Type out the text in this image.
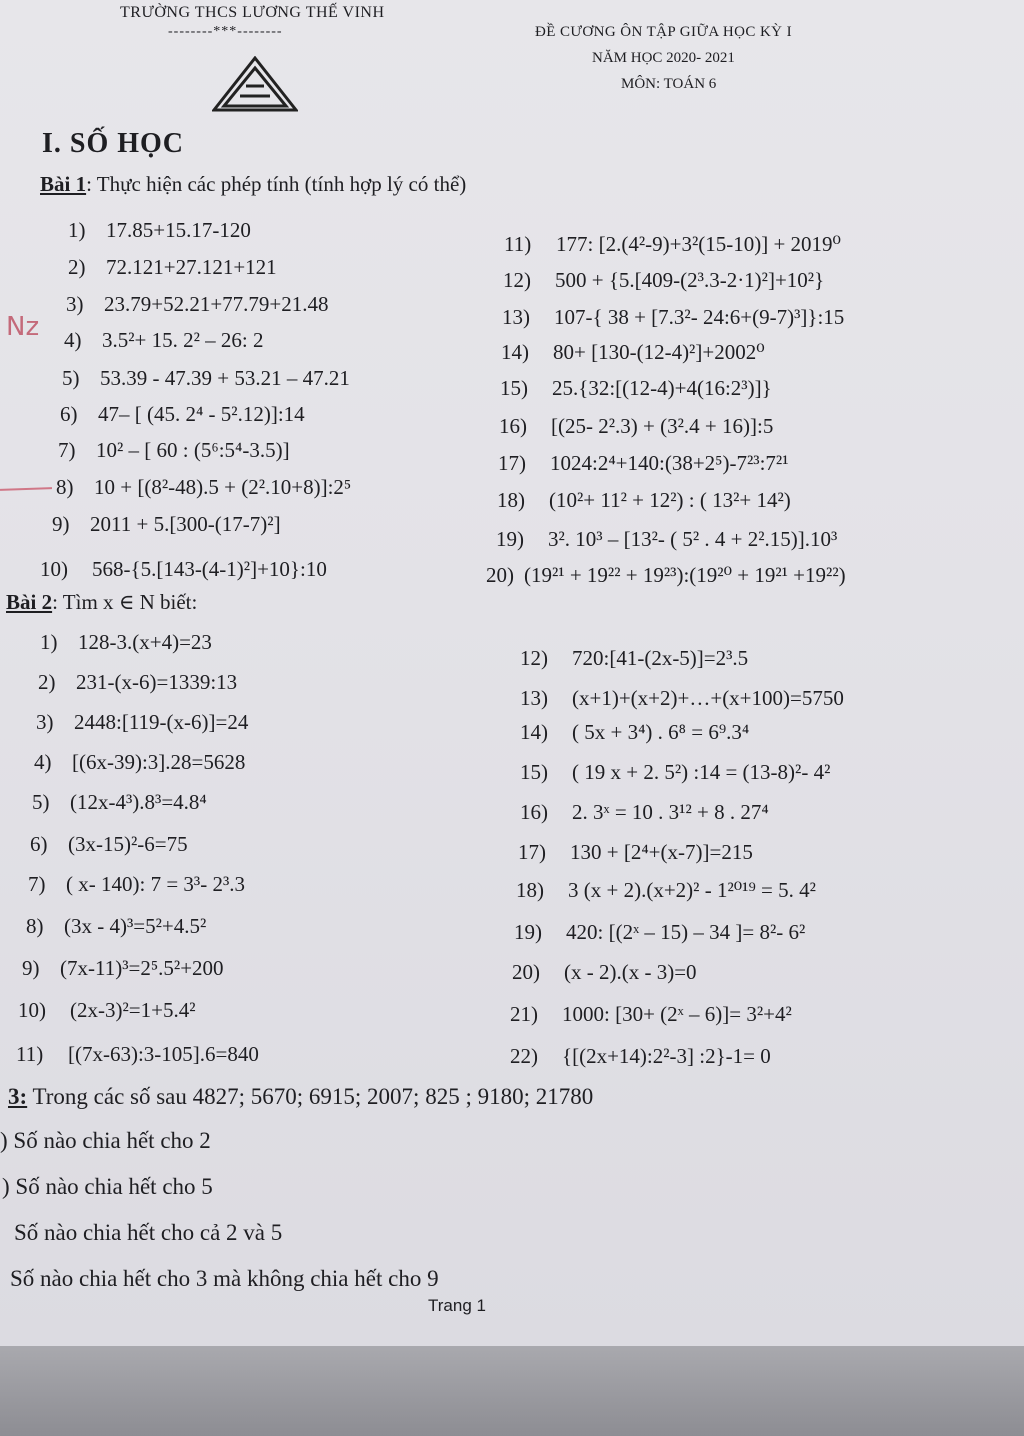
TRƯỜNG THCS LƯƠNG THẾ VINH
--------***--------	ĐỀ CƯƠNG ÔN TẬP GIỮA HỌC KỲ I
NĂM HỌC 2020- 2021
MÔN: TOÁN 6
I. SỐ HỌC
Nz
Bài 1: Thực hiện các phép tính (tính hợp lý có thể)
1) 17.85+15.17-120
2) 72.121+27.121+121
3) 23.79+52.21+77.79+21.48
4) 3.5²+ 15. 2² – 26: 2
5) 53.39 - 47.39 + 53.21 – 47.21
6) 47– [ (45. 2⁴ - 5².12)]:14
7) 10² – [ 60 : (5⁶:5⁴-3.5)]
8) 10 + [(8²-48).5 + (2².10+8)]:2⁵
9) 2011 + 5.[300-(17-7)²]
10) 568-{5.[143-(4-1)²]+10}:10
11) 177: [2.(4²-9)+3²(15-10)] + 2019⁰
12) 500 + {5.[409-(2³.3-2·1)²]+10²}
13) 107-{ 38 + [7.3²- 24:6+(9-7)³]}:15
14) 80+ [130-(12-4)²]+2002⁰
15) 25.{32:[(12-4)+4(16:2³)]}
16) [(25- 2².3) + (3².4 + 16)]:5
17) 1024:2⁴+140:(38+2⁵)-7²³:7²¹
18) (10²+ 11² + 12²) : ( 13²+ 14²)
19) 3². 10³ – [13²- ( 5² . 4 + 2².15)].10³
20) (19²¹ + 19²² + 19²³):(19²⁰ + 19²¹ +19²²)
Bài 2: Tìm x ∈ N biết:
1) 128-3.(x+4)=23
2) 231-(x-6)=1339:13
3) 2448:[119-(x-6)]=24
4) [(6x-39):3].28=5628
5) (12x-4³).8³=4.8⁴
6) (3x-15)²-6=75
7) ( x- 140): 7 = 3³- 2³.3
8) (3x - 4)³=5²+4.5²
9) (7x-11)³=2⁵.5²+200
10) (2x-3)²=1+5.4²
11) [(7x-63):3-105].6=840
12) 720:[41-(2x-5)]=2³.5
13) (x+1)+(x+2)+…+(x+100)=5750
14) ( 5x + 3⁴) . 6⁸ = 6⁹.3⁴
15) ( 19 x + 2. 5²) :14 = (13-8)²- 4²
16) 2. 3ˣ = 10 . 3¹² + 8 . 27⁴
17) 130 + [2⁴+(x-7)]=215
18) 3 (x + 2).(x+2)² - 1²⁰¹⁹ = 5. 4²
19) 420: [(2ˣ – 15) – 34 ]= 8²- 6²
20) (x - 2).(x - 3)=0
21) 1000: [30+ (2ˣ – 6)]= 3²+4²
22) {[(2x+14):2²-3] :2}-1= 0
3: Trong các số sau 4827; 5670; 6915; 2007; 825 ; 9180; 21780
) Số nào chia hết cho 2
) Số nào chia hết cho 5
Số nào chia hết cho cả 2 và 5
Số nào chia hết cho 3 mà không chia hết cho 9
Trang 1
